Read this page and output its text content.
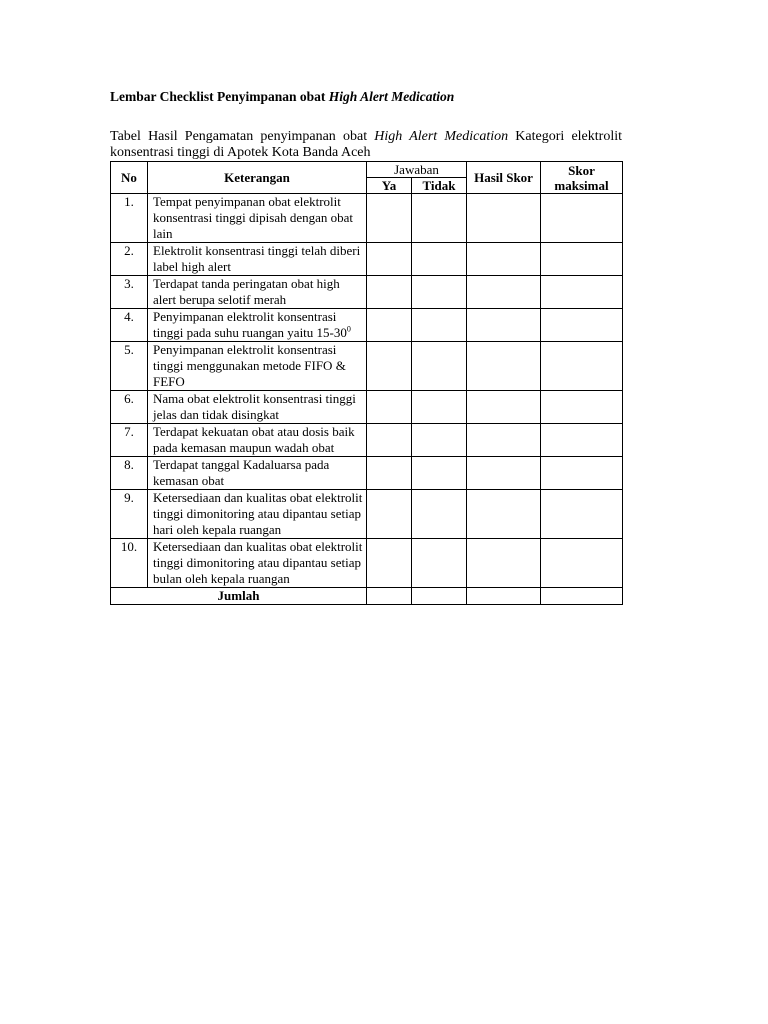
Lembar Checklist Penyimpanan obat High Alert Medication

Tabel Hasil Pengamatan penyimpanan obat High Alert Medication Kategori elektrolit konsentrasi tinggi di Apotek Kota Banda Aceh
No	Keterangan	Jawaban		Hasil Skor	Skor maksimal
		Ya	Tidak		
1.	Tempat penyimpanan obat elektrolit konsentrasi tinggi dipisah dengan obat lain				
2.	Elektrolit konsentrasi tinggi telah diberi label high alert				
3.	Terdapat tanda peringatan obat high alert berupa selotif merah				
4.	Penyimpanan elektrolit konsentrasi tinggi pada suhu ruangan yaitu $15-30^0$				
5.	Penyimpanan elektrolit konsentrasi tinggi menggunakan metode FIFO & FEFO				
6.	Nama obat elektrolit konsentrasi tinggi jelas dan tidak disingkat				
7.	Terdapat kekuatan obat atau dosis baik pada kemasan maupun wadah obat				
8.	Terdapat tanggal Kadaluarsa pada kemasan obat				
9.	Ketersediaan dan kualitas obat elektrolit tinggi dimonitoring atau dipantau setiap hari oleh kepala ruangan				
10.	Ketersediaan dan kualitas obat elektrolit tinggi dimonitoring atau dipantau setiap bulan oleh kepala ruangan				
Jumlah					
